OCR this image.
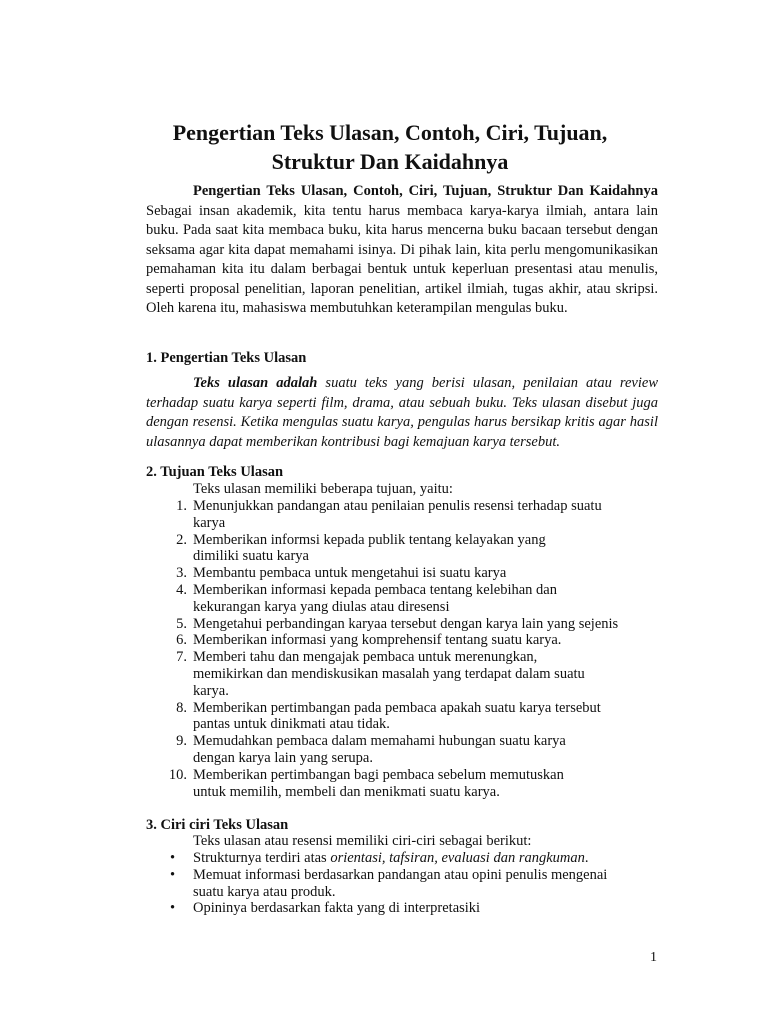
Pengertian Teks Ulasan, Contoh, Ciri, Tujuan,
Struktur Dan Kaidahnya

Pengertian Teks Ulasan, Contoh, Ciri, Tujuan, Struktur Dan Kaidahnya Sebagai insan akademik, kita tentu harus membaca karya-karya ilmiah, antara lain buku. Pada saat kita membaca buku, kita harus mencerna buku bacaan tersebut dengan seksama agar kita dapat memahami isinya. Di pihak lain, kita perlu mengomunikasikan pemahaman kita itu dalam berbagai bentuk untuk keperluan presentasi atau menulis, seperti proposal penelitian, laporan penelitian, artikel ilmiah, tugas akhir, atau skripsi. Oleh karena itu, mahasiswa membutuhkan keterampilan mengulas buku.

1. Pengertian Teks Ulasan

Teks ulasan adalah suatu teks yang berisi ulasan, penilaian atau review terhadap suatu karya seperti film, drama, atau sebuah buku. Teks ulasan disebut juga dengan resensi. Ketika mengulas suatu karya, pengulas harus bersikap kritis agar hasil ulasannya dapat memberikan kontribusi bagi kemajuan karya tersebut.

2. Tujuan Teks Ulasan

Teks ulasan memiliki beberapa tujuan, yaitu:

1. Menunjukkan pandangan atau penilaian penulis resensi terhadap suatu
karya
2. Memberikan informsi kepada publik tentang kelayakan yang
dimiliki suatu karya
3. Membantu pembaca untuk mengetahui isi suatu karya
4. Memberikan informasi kepada pembaca tentang kelebihan dan
kekurangan karya yang diulas atau diresensi
5. Mengetahui perbandingan karyaa tersebut dengan karya lain yang sejenis
6. Memberikan informasi yang komprehensif tentang suatu karya.
7. Memberi tahu dan mengajak pembaca untuk merenungkan,
memikirkan dan mendiskusikan masalah yang terdapat dalam suatu
karya.
8. Memberikan pertimbangan pada pembaca apakah suatu karya tersebut
pantas untuk dinikmati atau tidak.
9. Memudahkan pembaca dalam memahami hubungan suatu karya
dengan karya lain yang serupa.
10. Memberikan pertimbangan bagi pembaca sebelum memutuskan
untuk memilih, membeli dan menikmati suatu karya.
3. Ciri ciri Teks Ulasan

Teks ulasan atau resensi memiliki ciri-ciri sebagai berikut:

• Strukturnya terdiri atas orientasi, tafsiran, evaluasi dan rangkuman.
• Memuat informasi berdasarkan pandangan atau opini penulis mengenai
suatu karya atau produk.
• Opininya berdasarkan fakta yang di interpretasiki
1
